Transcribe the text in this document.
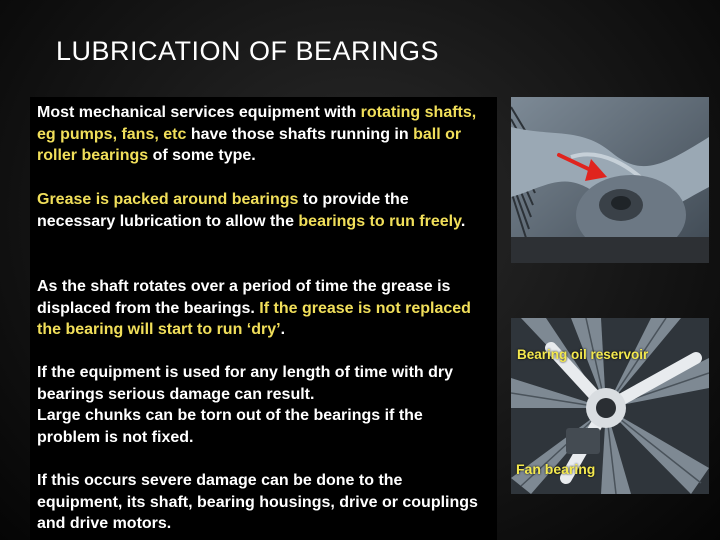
LUBRICATION OF BEARINGS
Most mechanical services equipment with rotating shafts, eg pumps, fans, etc have those shafts running in ball or roller bearings of some type.
Grease is packed around bearings to provide the necessary lubrication to allow the bearings to run freely.
As the shaft rotates over a period of time the grease is displaced from the bearings. If the grease is not replaced the bearing will start to run ‘dry’.
If the equipment is used for any length of time with dry bearings serious damage can result.
Large chunks can be torn out of the bearings if the problem is not fixed.
If this occurs severe damage can be done to the equipment, its shaft, bearing housings, drive or couplings and drive motors.
Bearing oil reservoir
Fan bearing
